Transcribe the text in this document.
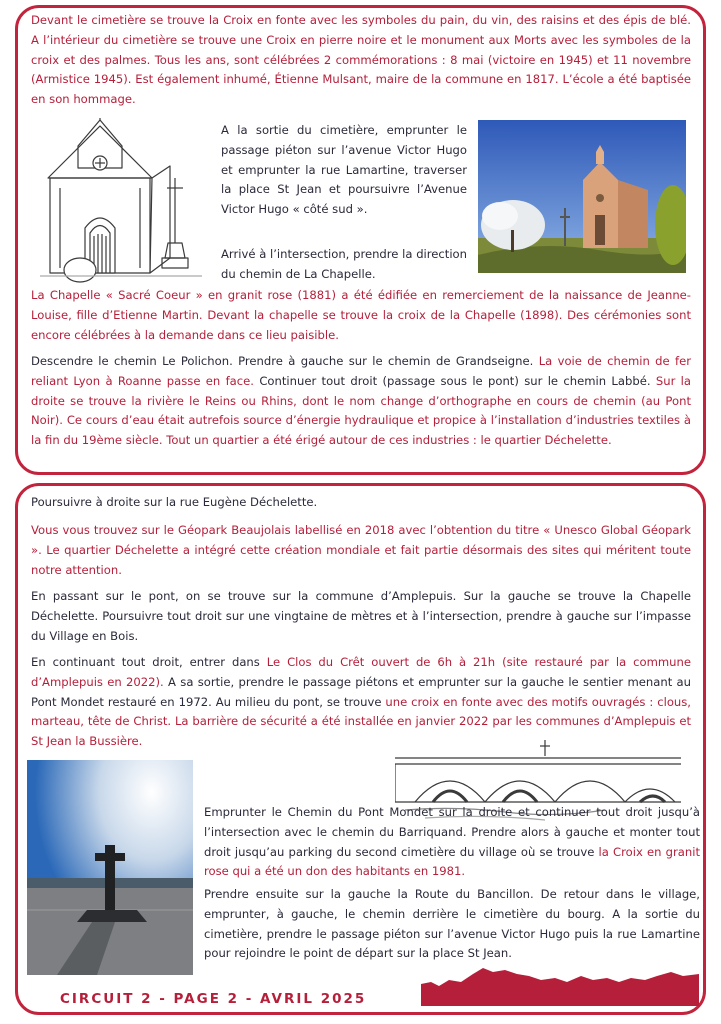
Devant le cimetière se trouve la Croix en fonte avec les symboles du pain, du vin, des raisins et des épis de blé. A l’intérieur du cimetière se trouve une Croix en pierre noire et le monument aux Morts avec les symboles de la croix et des palmes. Tous les ans, sont célébrées 2 commémorations : 8 mai (victoire en 1945) et 11 novembre (Armistice 1945). Est également inhumé, Étienne Mulsant, maire de la commune en 1817. L’école a été baptisée en son hommage.

A la sortie du cimetière, emprunter le passage piéton sur l’avenue Victor Hugo et emprunter la rue Lamartine, traverser la place St Jean et poursuivre l’Avenue Victor Hugo « côté sud ».

Arrivé à l’intersection, prendre la direction du chemin de La Chapelle.

La Chapelle « Sacré Coeur » en granit rose (1881) a été édifiée en remerciement de la naissance de Jeanne-Louise, fille d’Etienne Martin. Devant la chapelle se trouve la croix de la Chapelle (1898). Des cérémonies sont encore célébrées à la demande dans ce lieu paisible.

Descendre le chemin Le Polichon. Prendre à gauche sur le chemin de Grandseigne. La voie de chemin de fer reliant Lyon à Roanne passe en face. Continuer tout droit (passage sous le pont) sur le chemin Labbé. Sur la droite se trouve la rivière le Reins ou Rhins, dont le nom change d’orthographe en cours de chemin (au Pont Noir). Ce cours d’eau était autrefois source d’énergie hydraulique et propice à l’installation d’industries textiles à la fin du 19ème siècle. Tout un quartier a été érigé autour de ces industries : le quartier Déchelette.

Poursuivre à droite sur la rue Eugène Déchelette.

Vous vous trouvez sur le Géopark Beaujolais labellisé en 2018 avec l’obtention du titre « Unesco Global Géopark ». Le quartier Déchelette a intégré cette création mondiale et fait partie désormais des sites qui méritent toute notre attention.

En passant sur le pont, on se trouve sur la commune d’Amplepuis. Sur la gauche se trouve la Chapelle Déchelette. Poursuivre tout droit sur une vingtaine de mètres et à l’intersection, prendre à gauche sur l’impasse du Village en Bois.

En continuant tout droit, entrer dans Le Clos du Crêt ouvert de 6h à 21h (site restauré par la commune d’Amplepuis en 2022). A sa sortie, prendre le passage piétons et emprunter sur la gauche le sentier menant au Pont Mondet restauré en 1972. Au milieu du pont, se trouve une croix en fonte avec des motifs ouvragés : clous, marteau, tête de Christ. La barrière de sécurité a été installée en janvier 2022 par les communes d’Amplepuis et St Jean la Bussière.

Emprunter le Chemin du Pont Mondet sur la droite et continuer tout droit jusqu’à l’intersection avec le chemin du Barriquand. Prendre alors à gauche et monter tout droit jusqu’au parking du second cimetière du village où se trouve la Croix en granit rose qui a été un don des habitants en 1981.

Prendre ensuite sur la gauche la Route du Bancillon. De retour dans le village, emprunter, à gauche, le chemin derrière le cimetière du bourg. A la sortie du cimetière, prendre le passage piéton sur l’avenue Victor Hugo puis la rue Lamartine pour rejoindre le point de départ sur la place St Jean.

CIRCUIT 2 - PAGE 2 - AVRIL 2025
